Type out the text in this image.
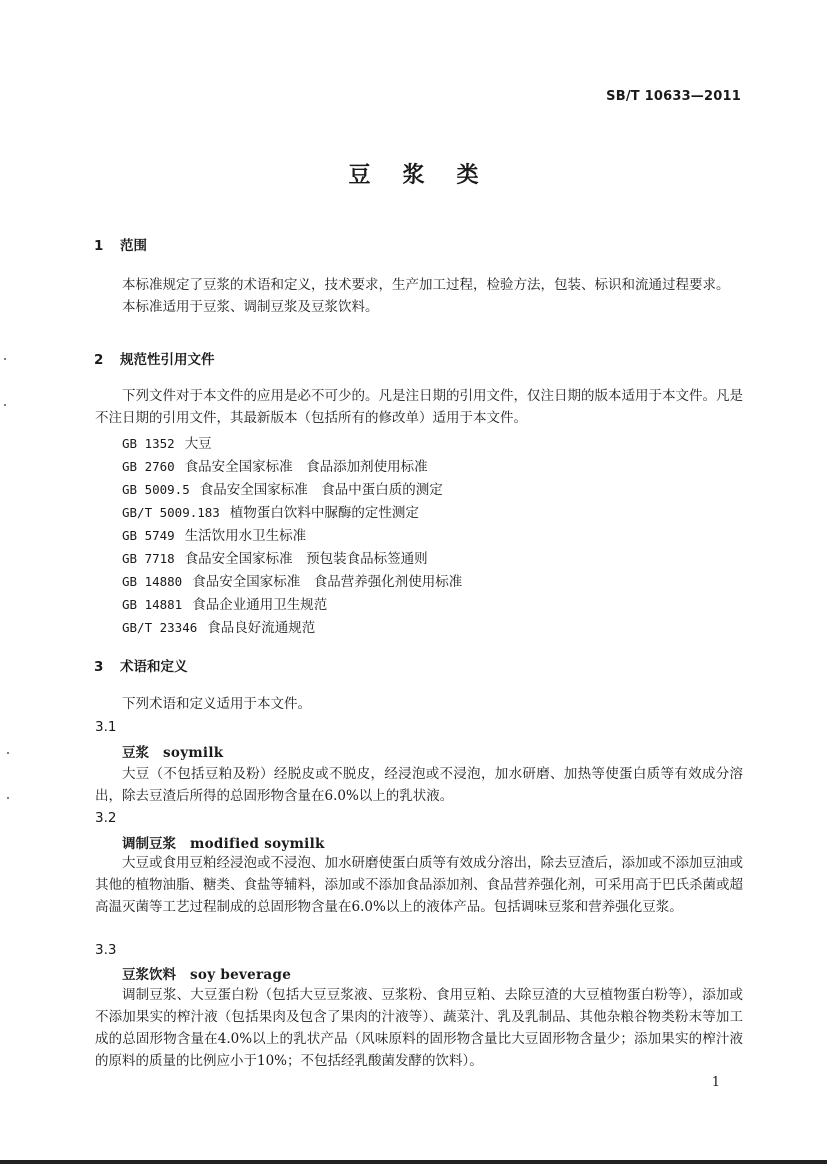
SB/T 10633—2011
豆浆类
1 范围
本标准规定了豆浆的术语和定义，技术要求，生产加工过程，检验方法，包装、标识和流通过程要求。
本标准适用于豆浆、调制豆浆及豆浆饮料。
2 规范性引用文件
下列文件对于本文件的应用是必不可少的。凡是注日期的引用文件，仅注日期的版本适用于本文件。凡是不注日期的引用文件，其最新版本（包括所有的修改单）适用于本文件。
GB 1352 大豆
GB 2760 食品安全国家标准　食品添加剂使用标准
GB 5009.5 食品安全国家标准　食品中蛋白质的测定
GB/T 5009.183 植物蛋白饮料中脲酶的定性测定
GB 5749 生活饮用水卫生标准
GB 7718 食品安全国家标准　预包装食品标签通则
GB 14880 食品安全国家标准　食品营养强化剂使用标准
GB 14881 食品企业通用卫生规范
GB/T 23346 食品良好流通规范
3 术语和定义
下列术语和定义适用于本文件。
3.1
豆浆 soymilk
大豆（不包括豆粕及粉）经脱皮或不脱皮，经浸泡或不浸泡，加水研磨、加热等使蛋白质等有效成分溶出，除去豆渣后所得的总固形物含量在6.0%以上的乳状液。
3.2
调制豆浆 modified soymilk
大豆或食用豆粕经浸泡或不浸泡、加水研磨使蛋白质等有效成分溶出，除去豆渣后，添加或不添加豆油或其他的植物油脂、糖类、食盐等辅料，添加或不添加食品添加剂、食品营养强化剂，可采用高于巴氏杀菌或超高温灭菌等工艺过程制成的总固形物含量在6.0%以上的液体产品。包括调味豆浆和营养强化豆浆。
3.3
豆浆饮料 soy beverage
调制豆浆、大豆蛋白粉（包括大豆豆浆液、豆浆粉、食用豆粕、去除豆渣的大豆植物蛋白粉等），添加或不添加果实的榨汁液（包括果肉及包含了果肉的汁液等）、蔬菜汁、乳及乳制品、其他杂粮谷物类粉末等加工成的总固形物含量在4.0%以上的乳状产品（风味原料的固形物含量比大豆固形物含量少；添加果实的榨汁液的原料的质量的比例应小于10%；不包括经乳酸菌发酵的饮料）。
1
